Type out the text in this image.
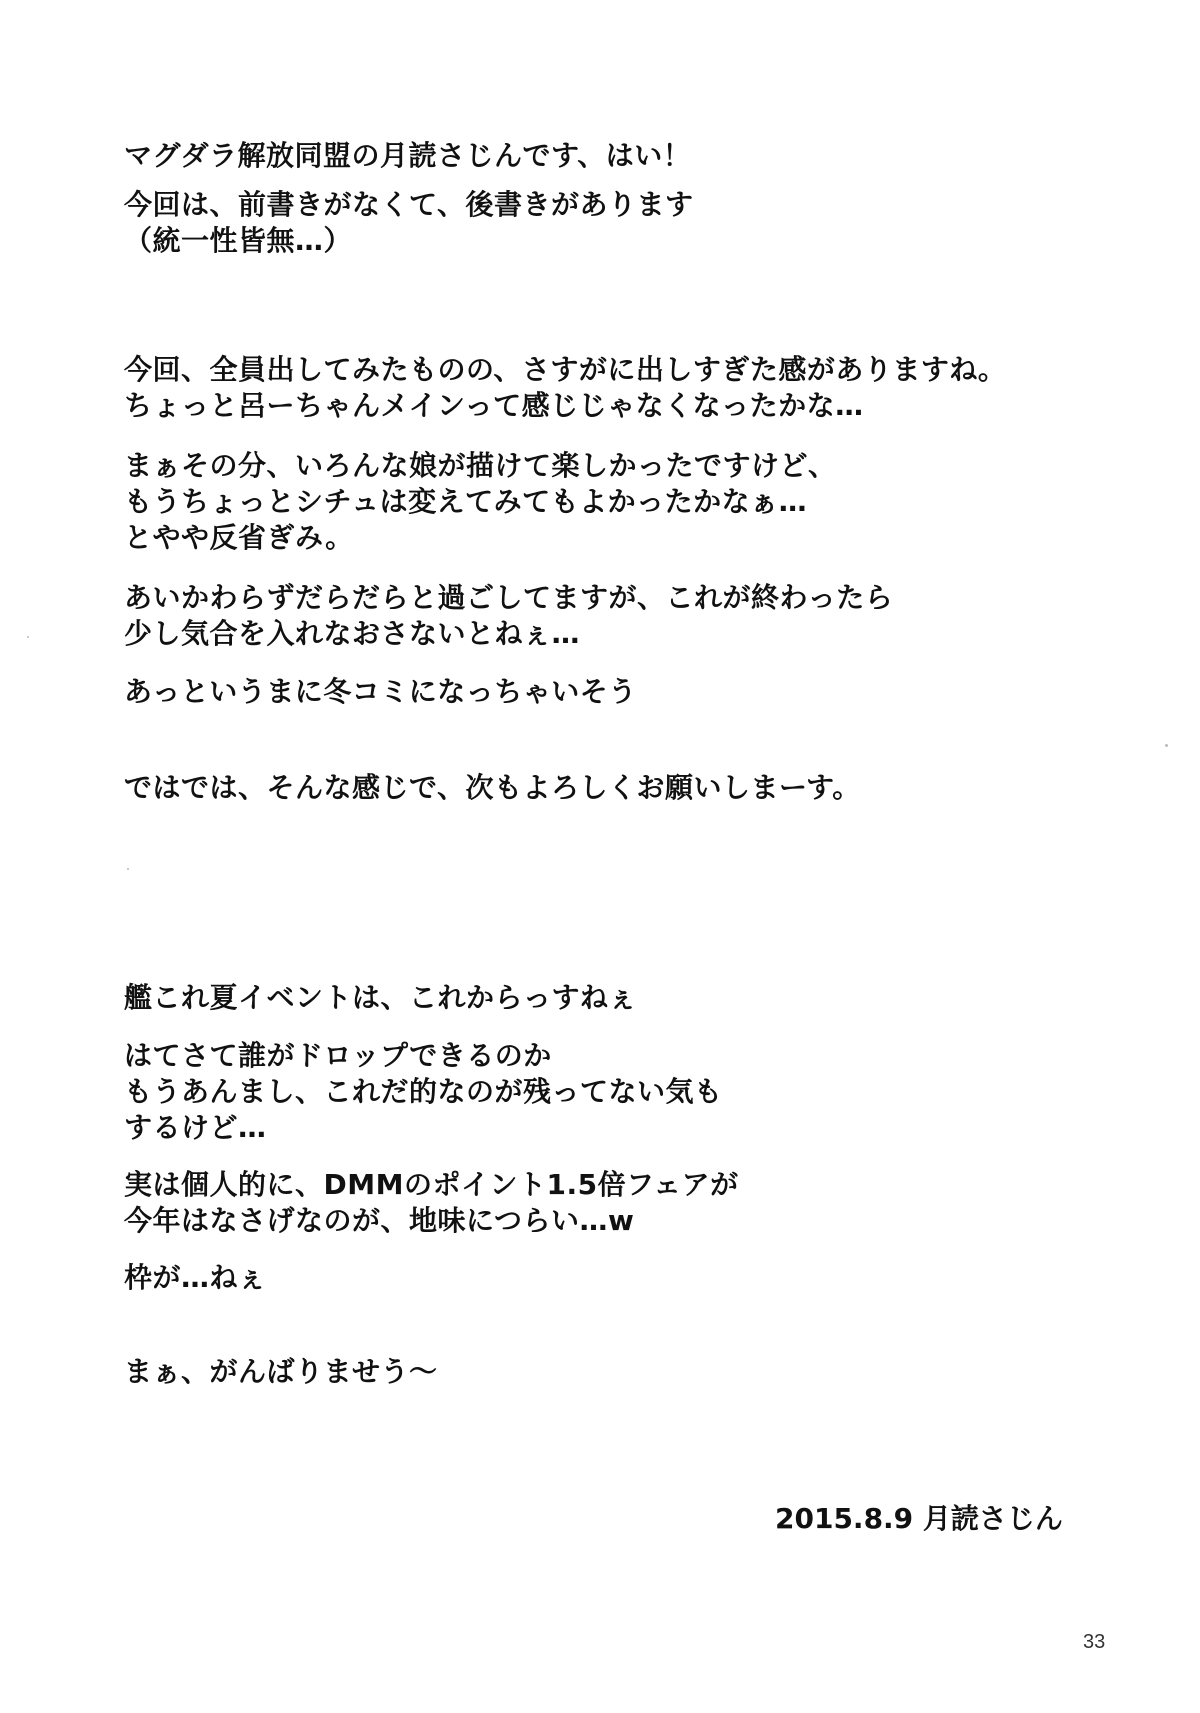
マグダラ解放同盟の月読さじんです、はい！
今回は、前書きがなくて、後書きがあります
（統一性皆無…）
今回、全員出してみたものの、さすがに出しすぎた感がありますね。
ちょっと呂ーちゃんメインって感じじゃなくなったかな…
まぁその分、いろんな娘が描けて楽しかったですけど、
もうちょっとシチュは変えてみてもよかったかなぁ…
とやや反省ぎみ。
あいかわらずだらだらと過ごしてますが、これが終わったら
少し気合を入れなおさないとねぇ…
あっというまに冬コミになっちゃいそう
ではでは、そんな感じで、次もよろしくお願いしまーす。
艦これ夏イベントは、これからっすねぇ
はてさて誰がドロップできるのか
もうあんまし、これだ的なのが残ってない気も
するけど…
実は個人的に、DMMのポイント1.5倍フェアが
今年はなさげなのが、地味につらい…w
枠が…ねぇ
まぁ、がんばりませう～
2015.8.9 月読さじん
33
